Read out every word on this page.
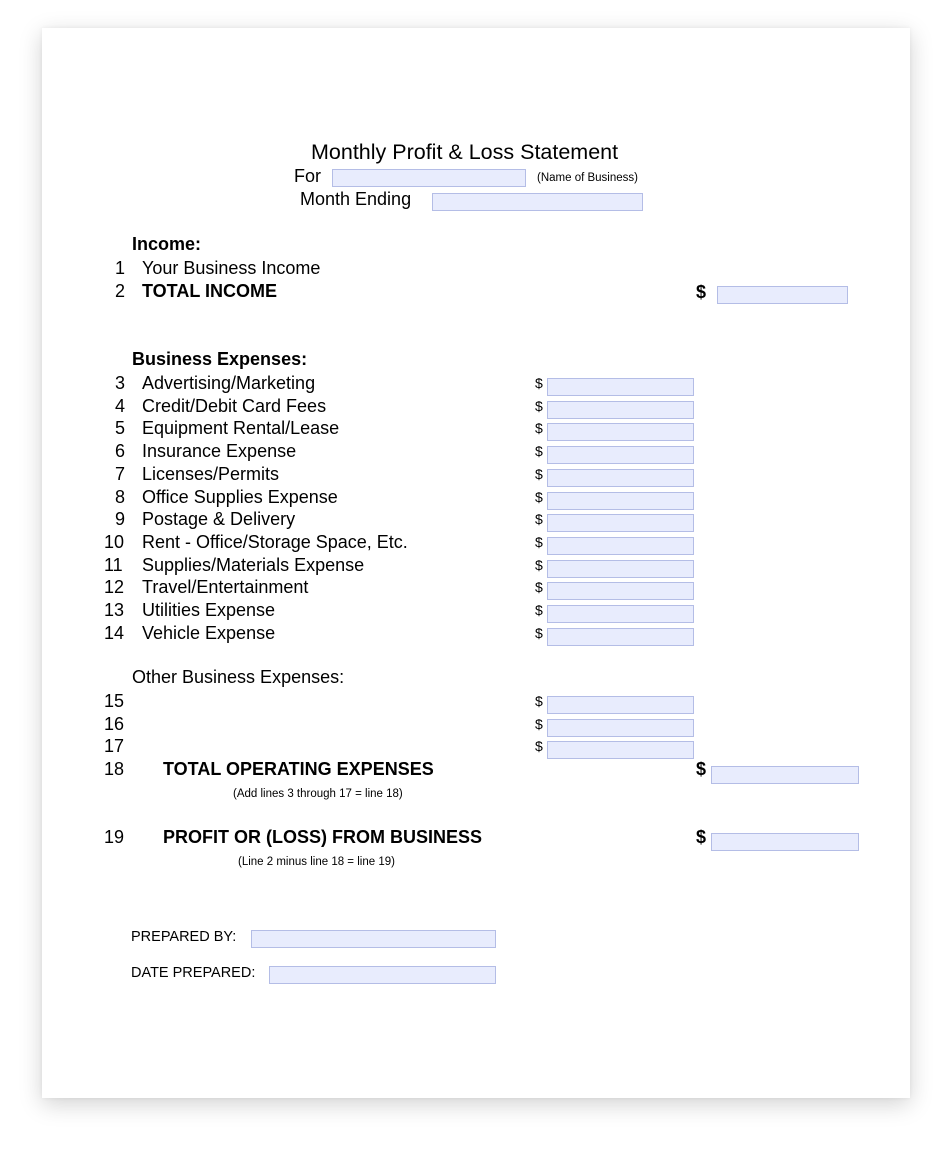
Monthly Profit & Loss Statement
For	(Name of Business)
Month Ending
Income:
1 Your Business Income
2 TOTAL INCOME	$
Business Expenses:
Other Business Expenses:
18 TOTAL OPERATING EXPENSES	$
(Add lines 3 through 17 = line 18)
19 PROFIT OR (LOSS) FROM BUSINESS	$
(Line 2 minus line 18 = line 19)
PREPARED BY:
DATE PREPARED:
3 Advertising/Marketing	$
4 Credit/Debit Card Fees	$
5 Equipment Rental/Lease	$
6 Insurance Expense	$
7 Licenses/Permits	$
8 Office Supplies Expense	$
9 Postage & Delivery	$
10 Rent - Office/Storage Space, Etc.	$
11 Supplies/Materials Expense	$
12 Travel/Entertainment	$
13 Utilities Expense	$
14 Vehicle Expense	$
15	$
16	$
17	$
